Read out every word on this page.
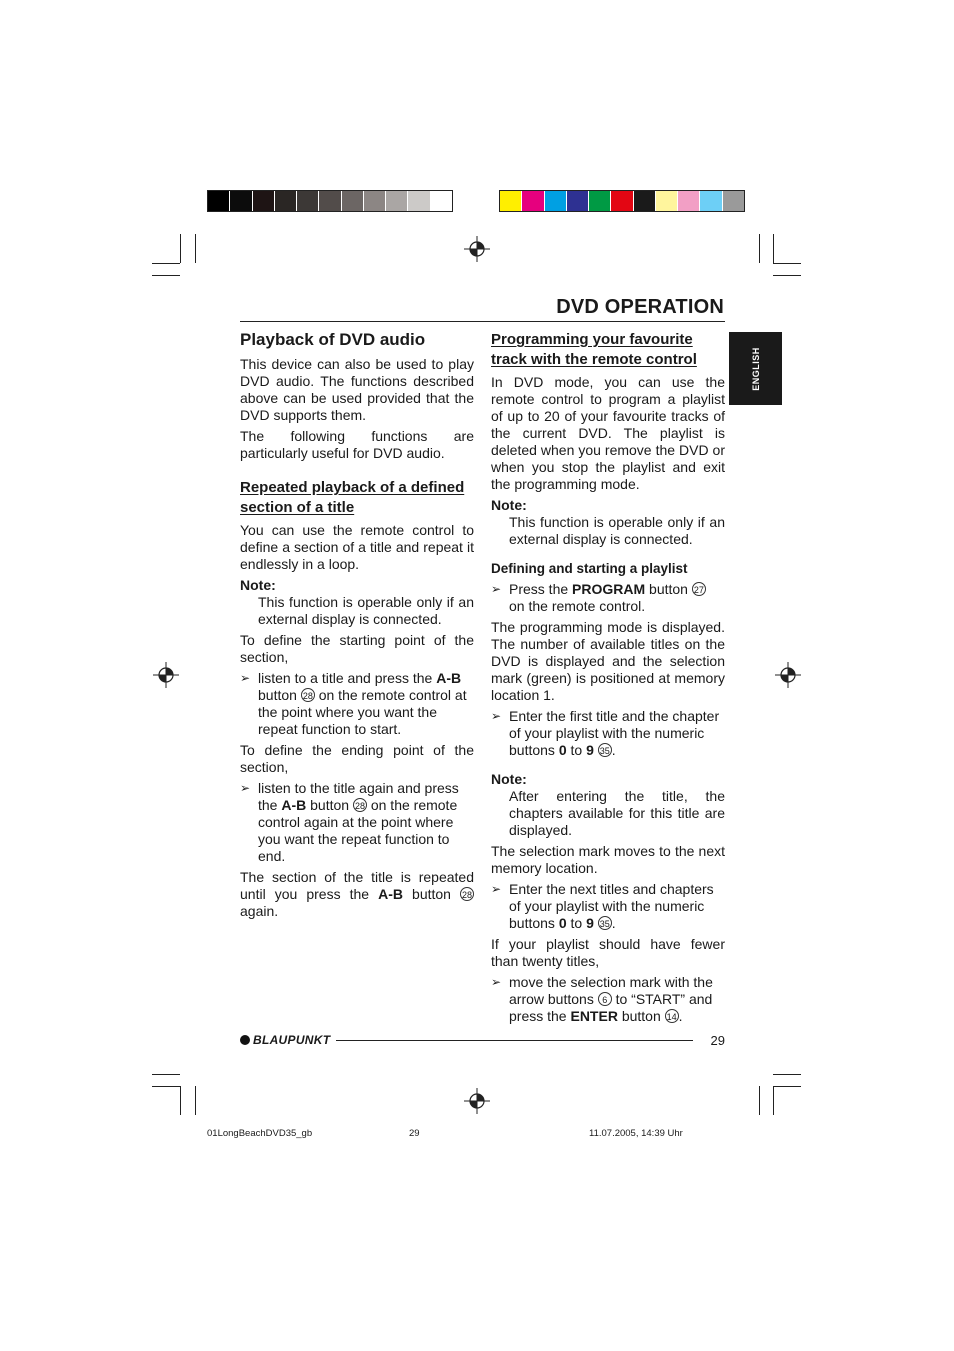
DVD OPERATION
ENGLISH
Playback of DVD audio

This device can also be used to play DVD audio. The functions described above can be used provided that the DVD supports them.

The following functions are particularly useful for DVD audio.

Repeated playback of a defined section of a title

You can use the remote control to define a section of a title and repeat it endlessly in a loop.

Note:

This function is operable only if an external display is connected.

To define the starting point of the section,

➢ listen to a title and press the A-B button 28 on the remote control at the point where you want the repeat function to start.

To define the ending point of the section,

➢ listen to the title again and press the A-B button 28 on the remote control again at the point where you want the repeat function to end.

The section of the title is repeated until you press the A-B button 28 again.

Programming your favourite track with the remote control

In DVD mode, you can use the remote control to program a playlist of up to 20 of your favourite tracks of the current DVD. The playlist is deleted when you remove the DVD or when you stop the playlist and exit the programming mode.

Note:

This function is operable only if an external display is connected.

Defining and starting a playlist
➢ Press the PROGRAM button 27 on the remote control.

The programming mode is displayed. The number of available titles on the DVD is displayed and the selection mark (green) is positioned at memory location 1.

➢ Enter the first title and the chapter of your playlist with the numeric buttons 0 to 9 35 .

Note:

After entering the title, the chapters available for this title are displayed.

The selection mark moves to the next memory location.

➢ Enter the next titles and chapters of your playlist with the numeric buttons 0 to 9 35 .

If your playlist should have fewer than twenty titles,

➢ move the selection mark with the arrow buttons 6 to “START” and press the ENTER button 14 .
BLAUPUNKT	29
01LongBeachDVD35_gb	29	11.07.2005, 14:39 Uhr
